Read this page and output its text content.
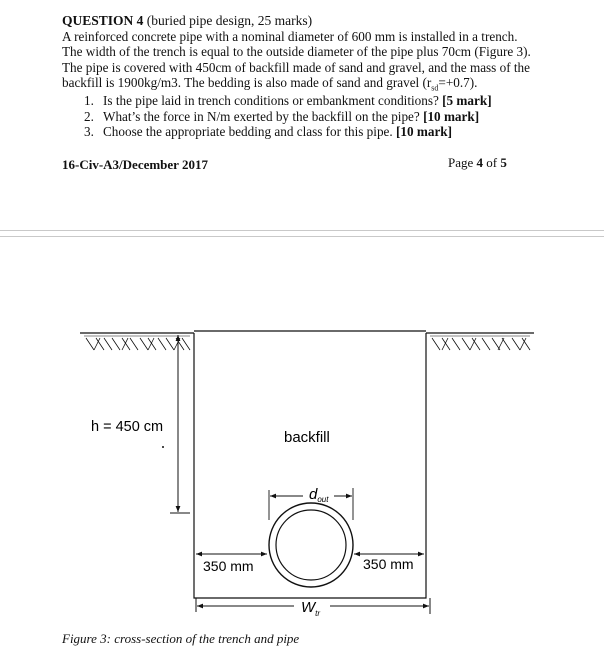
QUESTION 4 (buried pipe design, 25 marks)
A reinforced concrete pipe with a nominal diameter of 600 mm is installed in a trench.
The width of the trench is equal to the outside diameter of the pipe plus 70cm (Figure 3).
The pipe is covered with 450cm of backfill made of sand and gravel, and the mass of the
backfill is 1900kg/m3. The bedding is also made of sand and gravel $(r_{sd}=+0.7)$.
1. Is the pipe laid in trench conditions or embankment conditions? [5 mark]
2. What’s the force in N/m exerted by the backfill on the pipe? [10 mark]
3. Choose the appropriate bedding and class for this pipe. [10 mark]
16-Civ-A3/December 2017	Page 4 of 5
h = 450 cm
backfill
$d_{out}$
350 mm	350 mm
$W_{tr}$
Figure 3: cross-section of the trench and pipe
